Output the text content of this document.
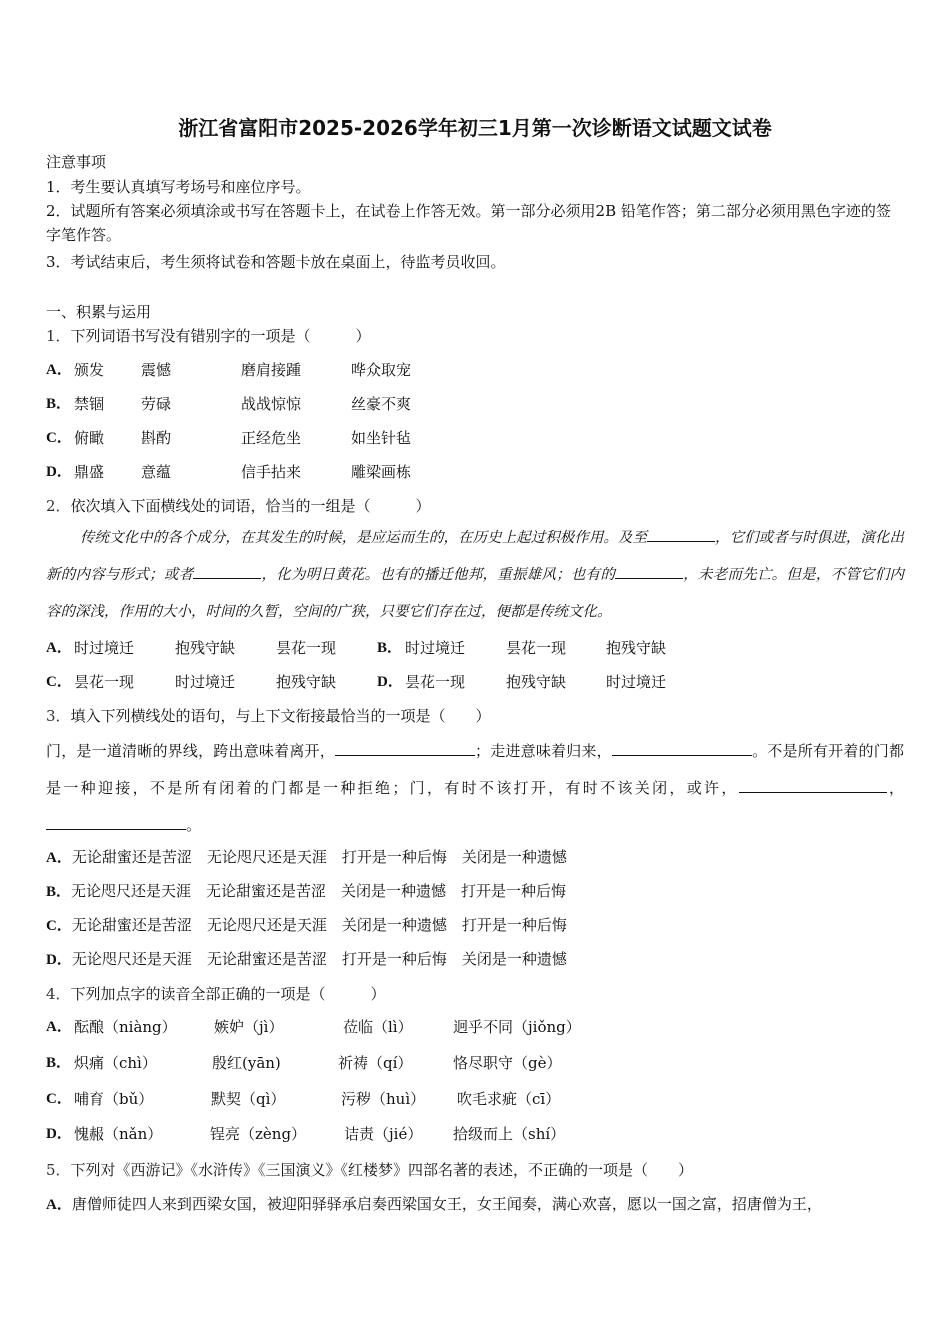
浙江省富阳市2025-2026学年初三1月第一次诊断语文试题文试卷
注意事项
1．考生要认真填写考场号和座位序号。
2．试题所有答案必须填涂或书写在答题卡上，在试卷上作答无效。第一部分必须用2B 铅笔作答；第二部分必须用黑色字迹的签字笔作答。
3．考试结束后，考生须将试卷和答题卡放在桌面上，待监考员收回。
一、积累与运用
1．下列词语书写没有错别字的一项是（　　　）
A． 颁发 震憾	磨肩接踵	哗众取宠
B． 禁锢 劳碌	战战惊惊	丝豪不爽
C． 俯瞰 斟酌	正经危坐	如坐针毡
D． 鼎盛 意蕴	信手拈来	雕梁画栋
2．依次填入下面横线处的词语，恰当的一组是（　　　）
传统文化中的各个成分，在其发生的时候，是应运而生的，在历史上起过积极作用。及至	，它们或者与时俱进，演化出新的内容与形式；或者	，化为明日黄花。也有的播迁他邦，重振雄风；也有的	，未老而先亡。但是，不管它们内容的深浅，作用的大小，时间的久暂，空间的广狭，只要它们存在过，便都是传统文化。
A． 时过境迁	抱残守缺	昙花一现	B． 时过境迁	昙花一现	抱残守缺
C． 昙花一现	时过境迁	抱残守缺	D． 昙花一现	抱残守缺	时过境迁
3．填入下列横线处的语句，与上下文衔接最恰当的一项是（　　）
门，是一道清晰的界线，跨出意味着离开，	；走进意味着归来，	。不是所有开着的门都是一种迎接，不是所有闭着的门都是一种拒绝；门，有时不该打开，有时不该关闭，或许，	，。
A．无论甜蜜还是苦涩　无论咫尺还是天涯　打开是一种后悔　关闭是一种遗憾
B．无论咫尺还是天涯　无论甜蜜还是苦涩　关闭是一种遗憾　打开是一种后悔
C．无论甜蜜还是苦涩　无论咫尺还是天涯　关闭是一种遗憾　打开是一种后悔
D．无论咫尺还是天涯　无论甜蜜还是苦涩　打开是一种后悔　关闭是一种遗憾
4．下列加点字的读音全部正确的一项是（　　　）
A． 酝酿（niàng） 嫉妒（jì）	莅临（lì）	迥乎不同（jiǒng）
B． 炽痛（chì）	殷红(yān)	祈祷（qí）	恪尽职守（gè）
C． 哺育（bǔ）	默契（qì）	污秽（huì） 吹毛求疵（cī）
D． 愧赧（nǎn）	锃亮（zèng）	诘责（jié） 拾级而上（shí）
5．下列对《西游记》《水浒传》《三国演义》《红楼梦》四部名著的表述，不正确的一项是（　　）
A．唐僧师徒四人来到西梁女国，被迎阳驿驿承启奏西梁国女王，女王闻奏，满心欢喜，愿以一国之富，招唐僧为王，
